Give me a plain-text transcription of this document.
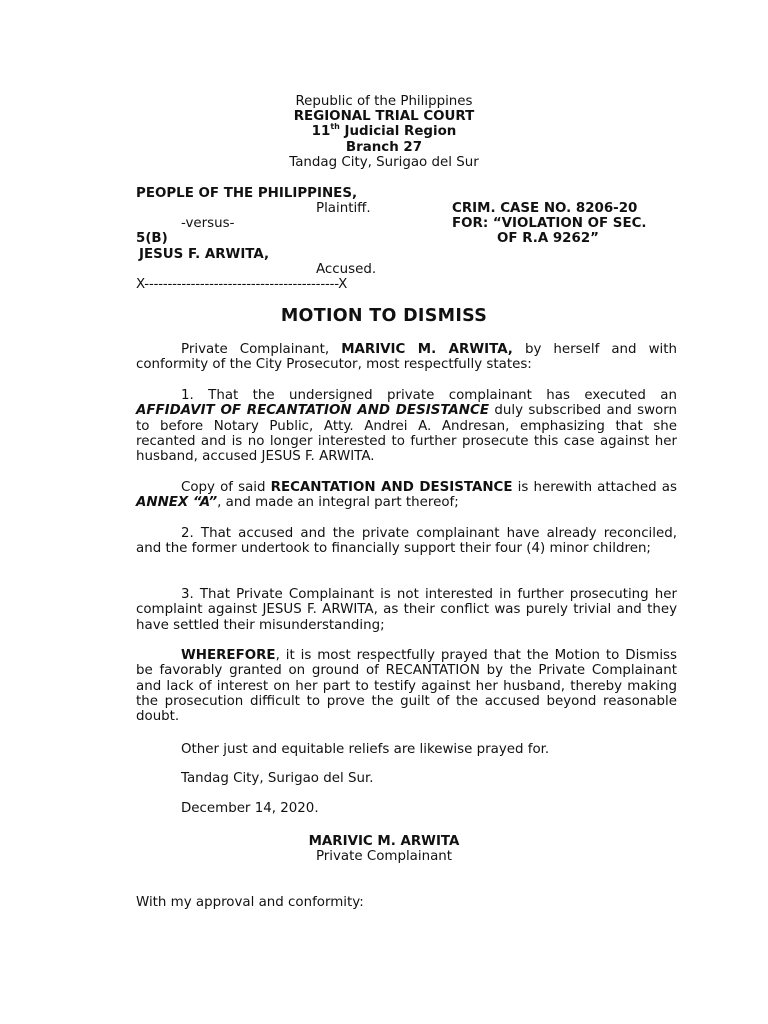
Republic of the Philippines
REGIONAL TRIAL COURT
11th Judicial Region
Branch 27
Tandag City, Surigao del Sur
PEOPLE OF THE PHILIPPINES,
Plaintiff.	CRIM. CASE NO. 8206-20
-versus-	FOR: “VIOLATION OF SEC.
5(B)	OF R.A 9262”
JESUS F. ARWITA,
Accused.
X------------------------------------------X
MOTION TO DISMISS
Private Complainant, MARIVIC M. ARWITA, by herself and with conformity of the City Prosecutor, most respectfully states:
1. That the undersigned private complainant has executed an AFFIDAVIT OF RECANTATION AND DESISTANCE duly subscribed and sworn to before Notary Public, Atty. Andrei A. Andresan, emphasizing that she recanted and is no longer interested to further prosecute this case against her husband, accused JESUS F. ARWITA.
Copy of said RECANTATION AND DESISTANCE is herewith attached as ANNEX “A”, and made an integral part thereof;
2. That accused and the private complainant have already reconciled, and the former undertook to financially support their four (4) minor children;
3. That Private Complainant is not interested in further prosecuting her complaint against JESUS F. ARWITA, as their conflict was purely trivial and they have settled their misunderstanding;
WHEREFORE, it is most respectfully prayed that the Motion to Dismiss be favorably granted on ground of RECANTATION by the Private Complainant and lack of interest on her part to testify against her husband, thereby making the prosecution difficult to prove the guilt of the accused beyond reasonable doubt.
Other just and equitable reliefs are likewise prayed for.
Tandag City, Surigao del Sur.
December 14, 2020.
MARIVIC M. ARWITA
Private Complainant
With my approval and conformity:
